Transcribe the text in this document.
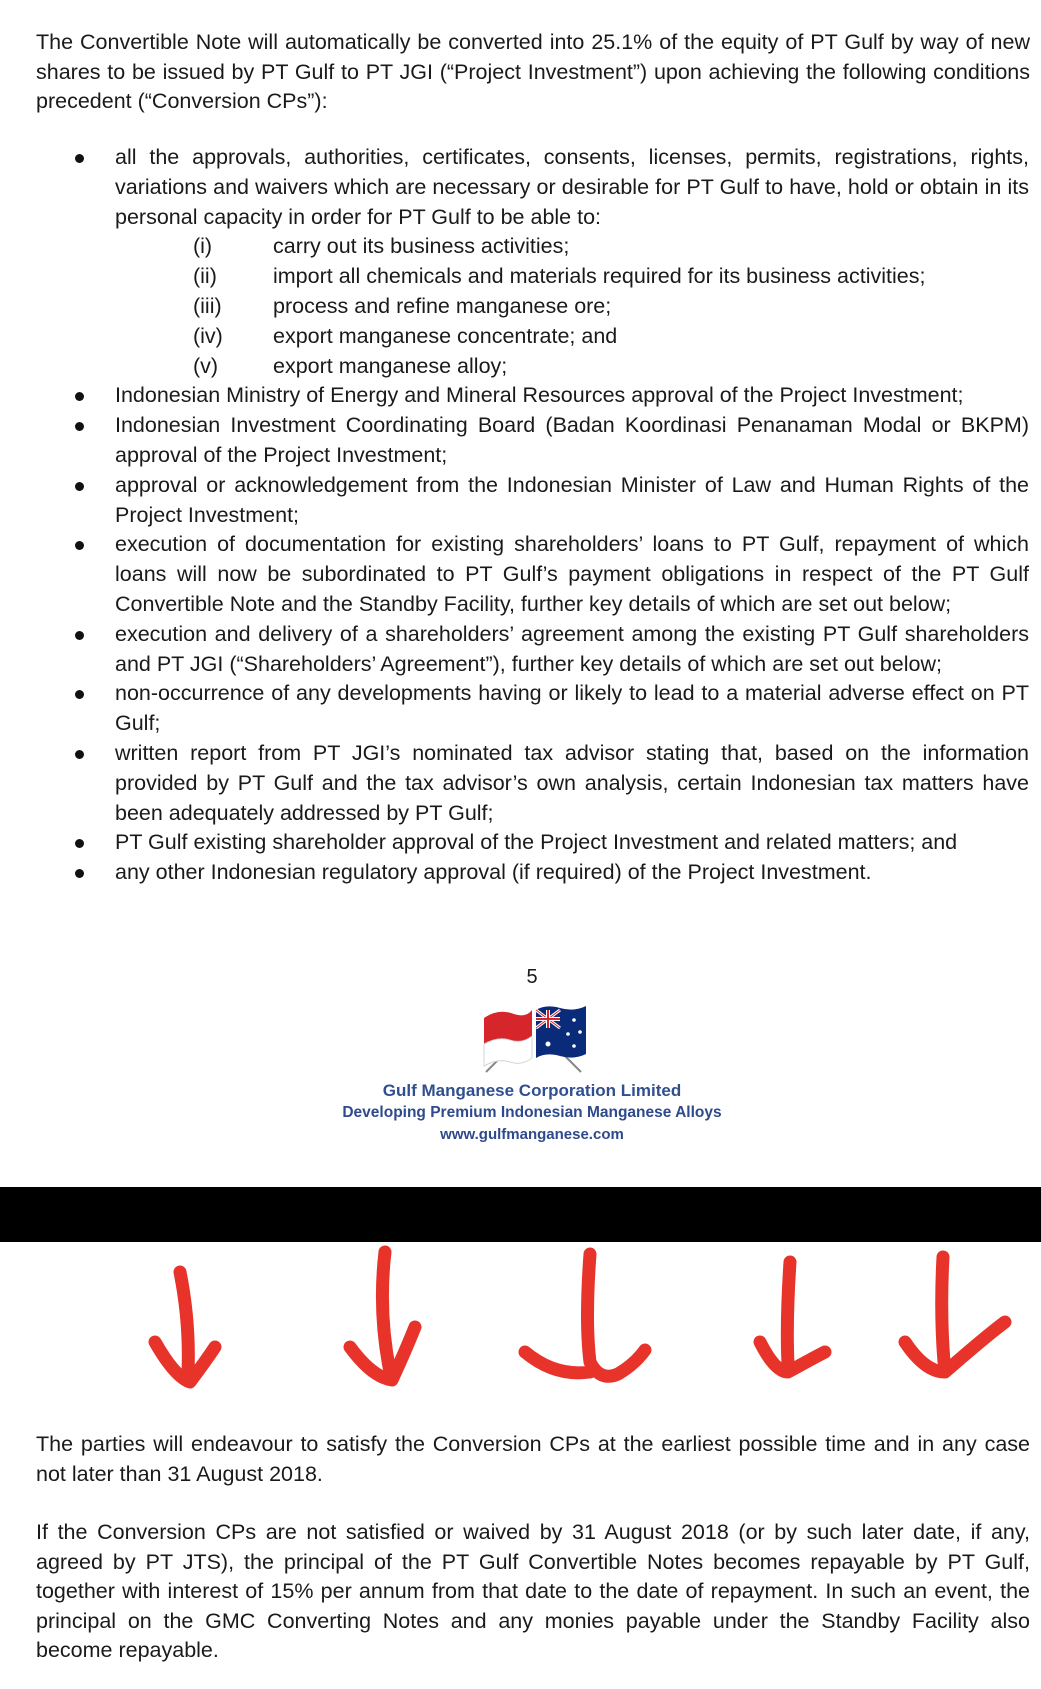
The Convertible Note will automatically be converted into 25.1% of the equity of PT Gulf by way of new shares to be issued by PT Gulf to PT JGI (“Project Investment”) upon achieving the following conditions precedent (“Conversion CPs”):

all the approvals, authorities, certificates, consents, licenses, permits, registrations, rights, variations and waivers which are necessary or desirable for PT Gulf to have, hold or obtain in its personal capacity in order for PT Gulf to be able to:
(i)	carry out its business activities;
(ii)	import all chemicals and materials required for its business activities;
(iii) process and refine manganese ore;
(iv) export manganese concentrate; and
(v)	export manganese alloy;
Indonesian Ministry of Energy and Mineral Resources approval of the Project Investment;
Indonesian Investment Coordinating Board (Badan Koordinasi Penanaman Modal or BKPM) approval of the Project Investment;
approval or acknowledgement from the Indonesian Minister of Law and Human Rights of the Project Investment;
execution of documentation for existing shareholders’ loans to PT Gulf, repayment of which loans will now be subordinated to PT Gulf’s payment obligations in respect of the PT Gulf Convertible Note and the Standby Facility, further key details of which are set out below;
execution and delivery of a shareholders’ agreement among the existing PT Gulf shareholders and PT JGI (“Shareholders’ Agreement”), further key details of which are set out below;
non-occurrence of any developments having or likely to lead to a material adverse effect on PT Gulf;
written report from PT JGI’s nominated tax advisor stating that, based on the information provided by PT Gulf and the tax advisor’s own analysis, certain Indonesian tax matters have been adequately addressed by PT Gulf;
PT Gulf existing shareholder approval of the Project Investment and related matters; and
any other Indonesian regulatory approval (if required) of the Project Investment.
5
Gulf Manganese Corporation Limited
Developing Premium Indonesian Manganese Alloys
www.gulfmanganese.com

The parties will endeavour to satisfy the Conversion CPs at the earliest possible time and in any case not later than 31 August 2018.

If the Conversion CPs are not satisfied or waived by 31 August 2018 (or by such later date, if any, agreed by PT JTS), the principal of the PT Gulf Convertible Notes becomes repayable by PT Gulf, together with interest of 15% per annum from that date to the date of repayment. In such an event, the principal on the GMC Converting Notes and any monies payable under the Standby Facility also become repayable.
